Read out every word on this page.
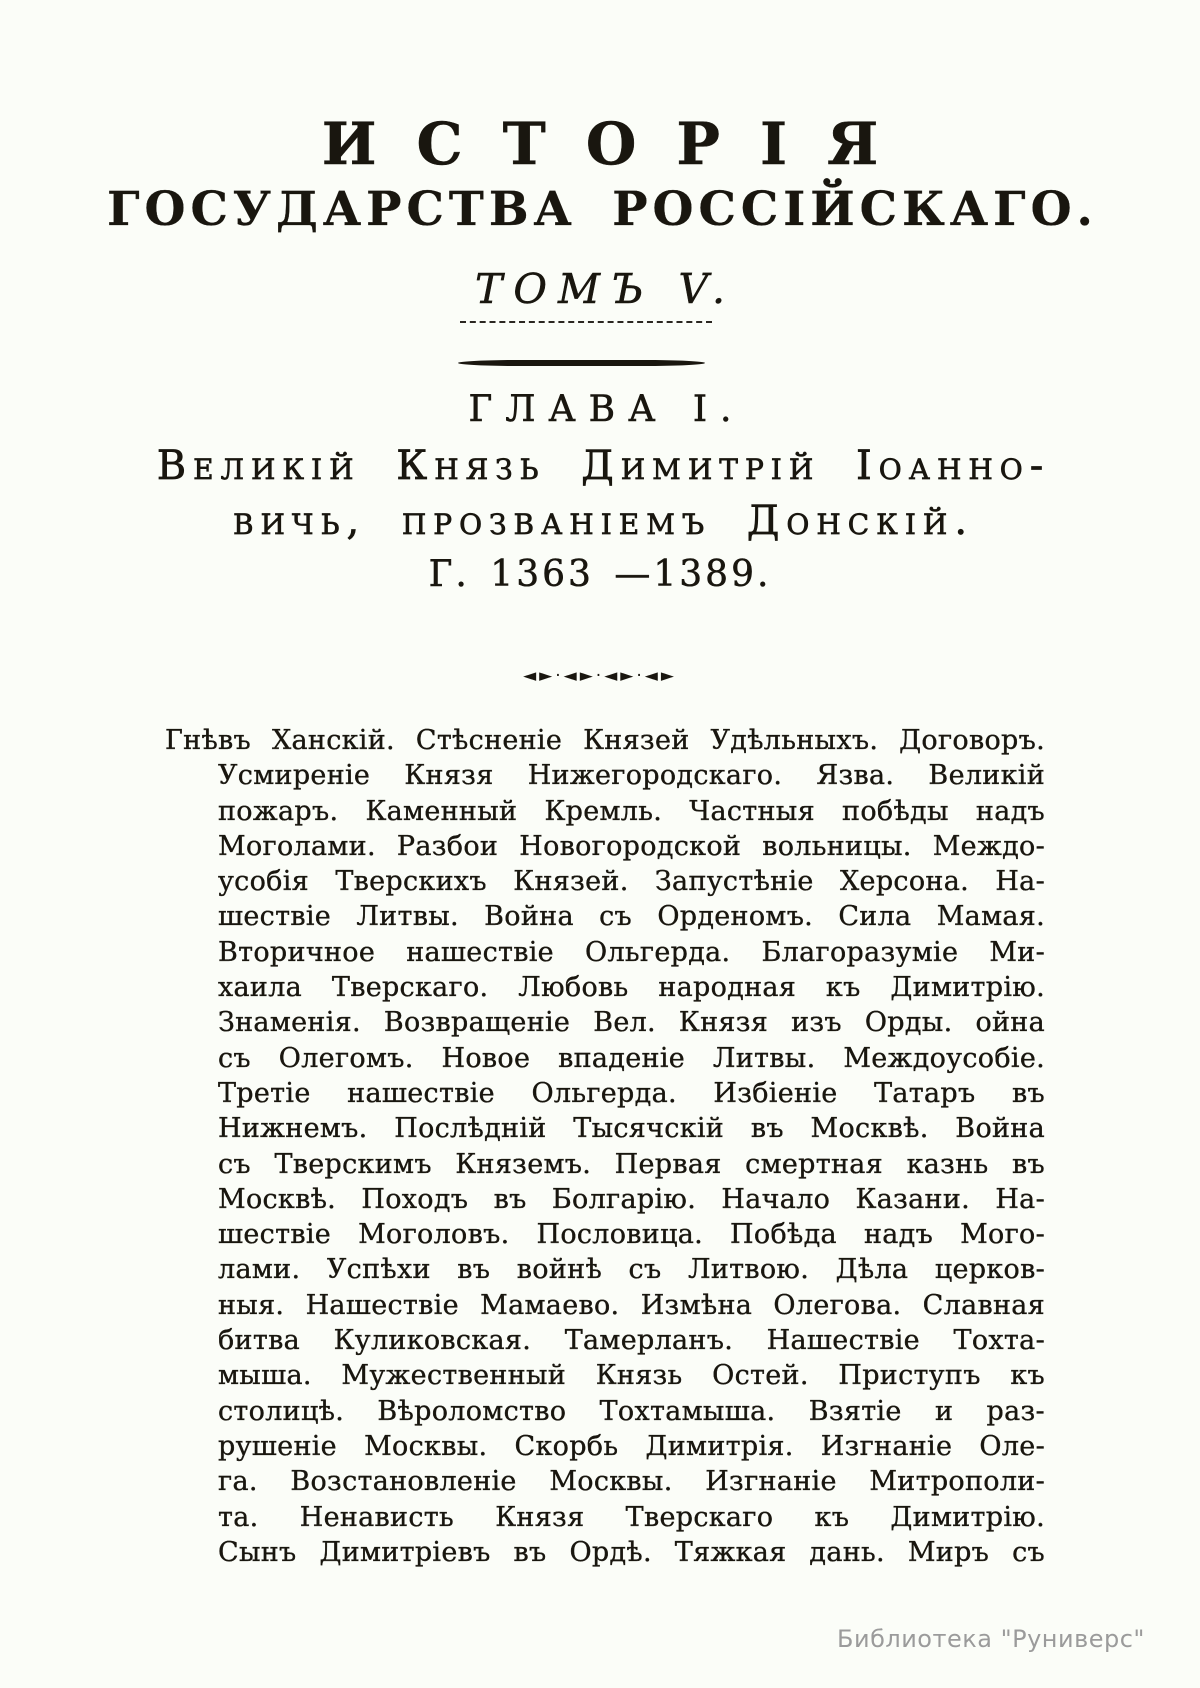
ИСТОРІЯ
ГОСУДАРСТВА РОССІЙСКАГО.
ТОМЪ V.
ГЛАВА I.
Великій Князь Димитрій Іоанно-
вичь, прозваніемъ Донскій.
Г. 1363 —1389.
◄►·◄►·◄►·◄►
Гнѣвъ Ханскій. Стѣсненіе Князей Удѣльныхъ. Договоръ.
Усмиреніе Князя Нижегородскаго. Язва. Великій
пожаръ. Каменный Кремль. Частныя побѣды надъ
Моголами. Разбои Новогородской вольницы. Междо-
усобія Тверскихъ Князей. Запустѣніе Херсона. На-
шествіе Литвы. Война съ Орденомъ. Сила Мамая.
Вторичное нашествіе Ольгерда. Благоразуміе Ми-
хаила Тверскаго. Любовь народная къ Димитрію.
Знаменія. Возвращеніе Вел. Князя изъ Орды. ойна
съ Олегомъ. Новое впаденіе Литвы. Междоусобіе.
Третіе нашествіе Ольгерда. Избіеніе Татаръ въ
Нижнемъ. Послѣдній Тысячскій въ Москвѣ. Война
съ Тверскимъ Княземъ. Первая смертная казнь въ
Москвѣ. Походъ въ Болгарію. Начало Казани. На-
шествіе Моголовъ. Пословица. Побѣда надъ Мого-
лами. Успѣхи въ войнѣ съ Литвою. Дѣла церков-
ныя. Нашествіе Мамаево. Измѣна Олегова. Славная
битва Куликовская. Тамерланъ. Нашествіе Тохта-
мыша. Мужественный Князь Остей. Приступъ къ
столицѣ. Вѣроломство Тохтамыша. Взятіе и раз-
рушеніе Москвы. Скорбь Димитрія. Изгнаніе Оле-
га. Возстановленіе Москвы. Изгнаніе Митрополи-
та. Ненависть Князя Тверскаго къ Димитрію.
Сынъ Димитріевъ въ Ордѣ. Тяжкая дань. Миръ съ
Библиотека "Руниверс"
